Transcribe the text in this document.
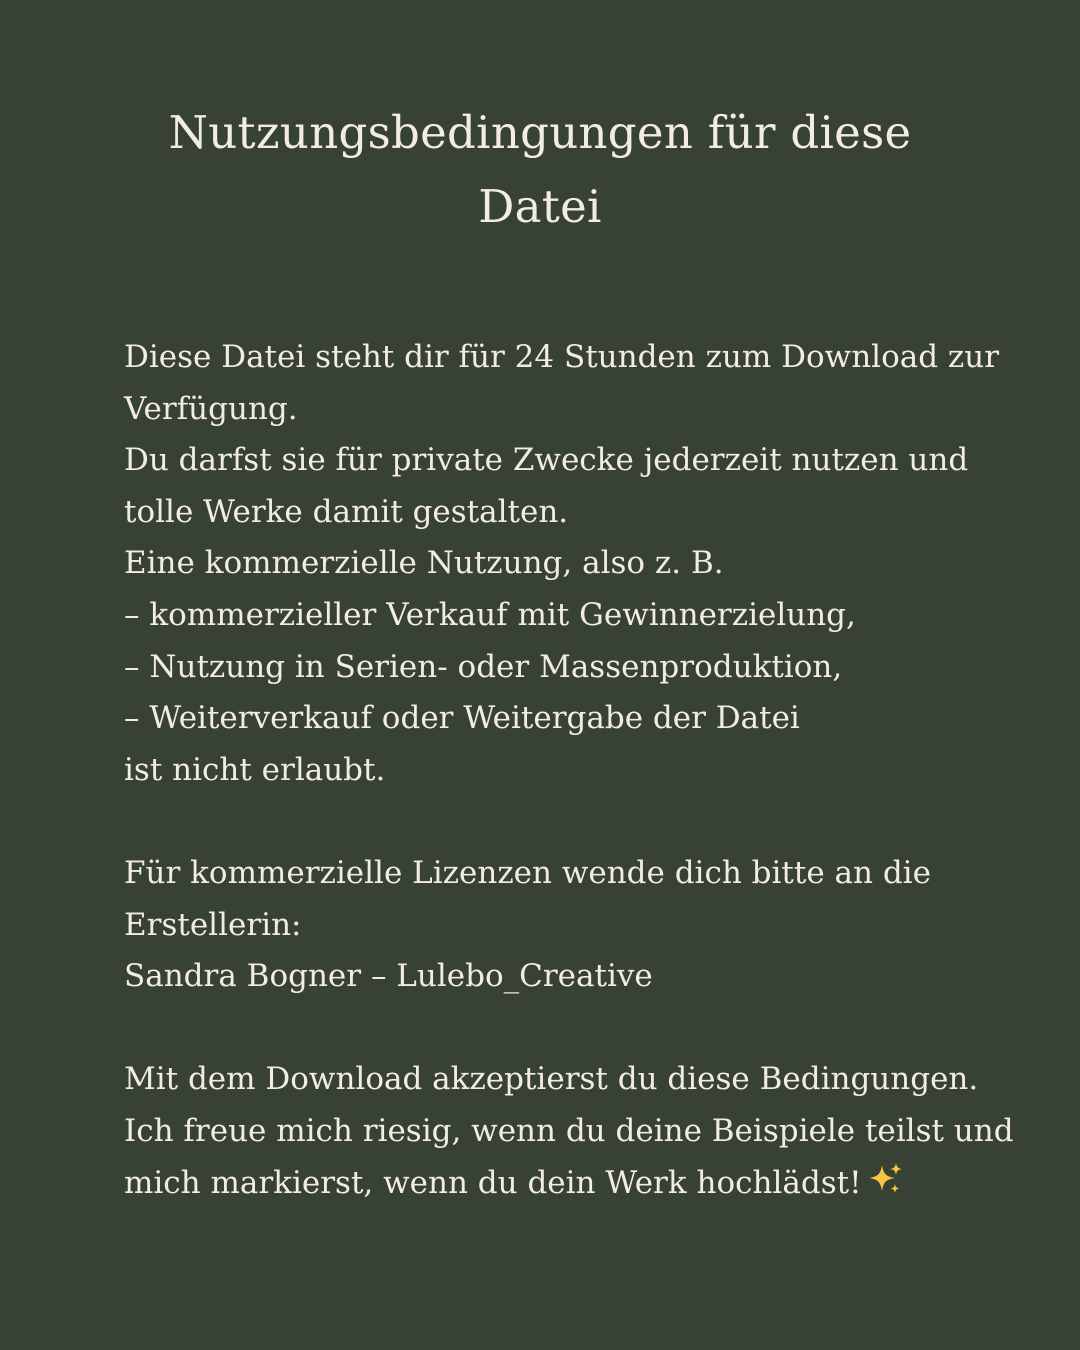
Nutzungsbedingungen für diese
Datei
Diese Datei steht dir für 24 Stunden zum Download zur
Verfügung.
Du darfst sie für private Zwecke jederzeit nutzen und
tolle Werke damit gestalten.
Eine kommerzielle Nutzung, also z. B.
– kommerzieller Verkauf mit Gewinnerzielung,
– Nutzung in Serien- oder Massenproduktion,
– Weiterverkauf oder Weitergabe der Datei
ist nicht erlaubt.
Für kommerzielle Lizenzen wende dich bitte an die
Erstellerin:
Sandra Bogner – Lulebo_Creative
Mit dem Download akzeptierst du diese Bedingungen.
Ich freue mich riesig, wenn du deine Beispiele teilst und
mich markierst, wenn du dein Werk hochlädst!
